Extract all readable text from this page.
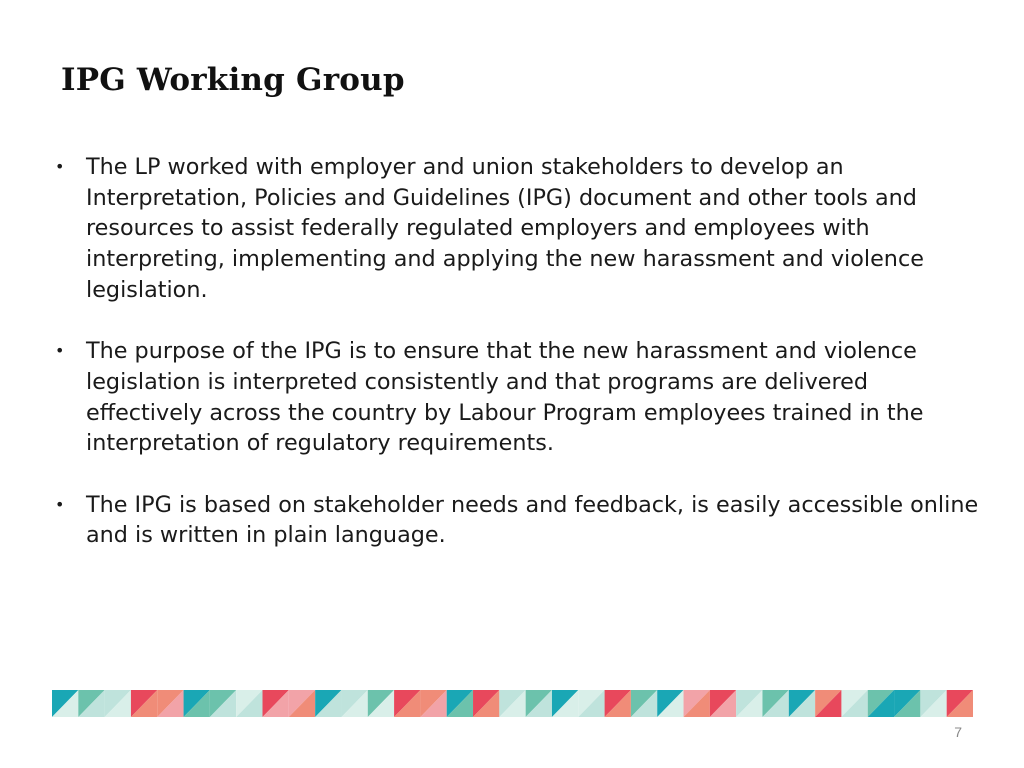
IPG Working Group
• The LP worked with employer and union stakeholders to develop an Interpretation, Policies and Guidelines (IPG) document and other tools and resources to assist federally regulated employers and employees with interpreting, implementing and applying the new harassment and violence legislation.
• The purpose of the IPG is to ensure that the new harassment and violence legislation is interpreted consistently and that programs are delivered effectively across the country by Labour Program employees trained in the interpretation of regulatory requirements.
• The IPG is based on stakeholder needs and feedback, is easily accessible online and is written in plain language.
7
